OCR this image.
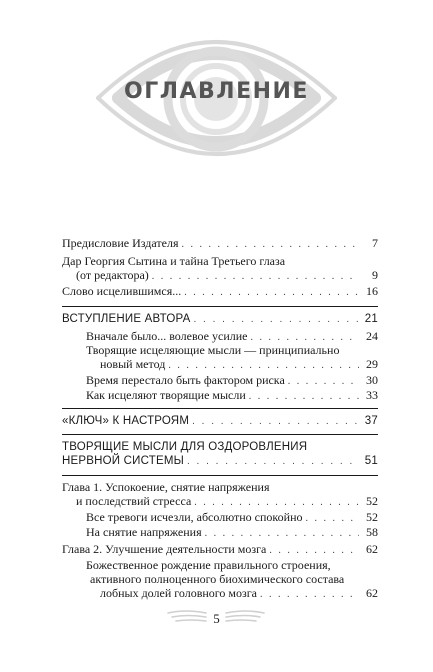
ОГЛАВЛЕНИЕ
Предисловие Издателя . . .	7
Дар Георгия Сытина и тайна Третьего глаза
(от редактора) . . .	9
Слово исцелившимся... . . .	16
ВСТУПЛЕНИЕ АВТОРА . . .	21
Вначале было... волевое усилие . . .	24
Творящие исцеляющие мысли — принципиально
новый метод . . .	29
Время перестало быть фактором риска . . .	30
Как исцеляют творящие мысли . . .	33
«КЛЮЧ» К НАСТРОЯМ . . .	37
ТВОРЯЩИЕ МЫСЛИ ДЛЯ ОЗДОРОВЛЕНИЯ
НЕРВНОЙ СИСТЕМЫ . . .	51
Глава 1. Успокоение, снятие напряжения
и последствий стресса . . .	52
Все тревоги исчезли, абсолютно спокойно . . .	52
На снятие напряжения . . .	58
Глава 2. Улучшение деятельности мозга . . .	62
Божественное рождение правильного строения,
активного полноценного биохимического состава
лобных долей головного мозга . . .	62
5
